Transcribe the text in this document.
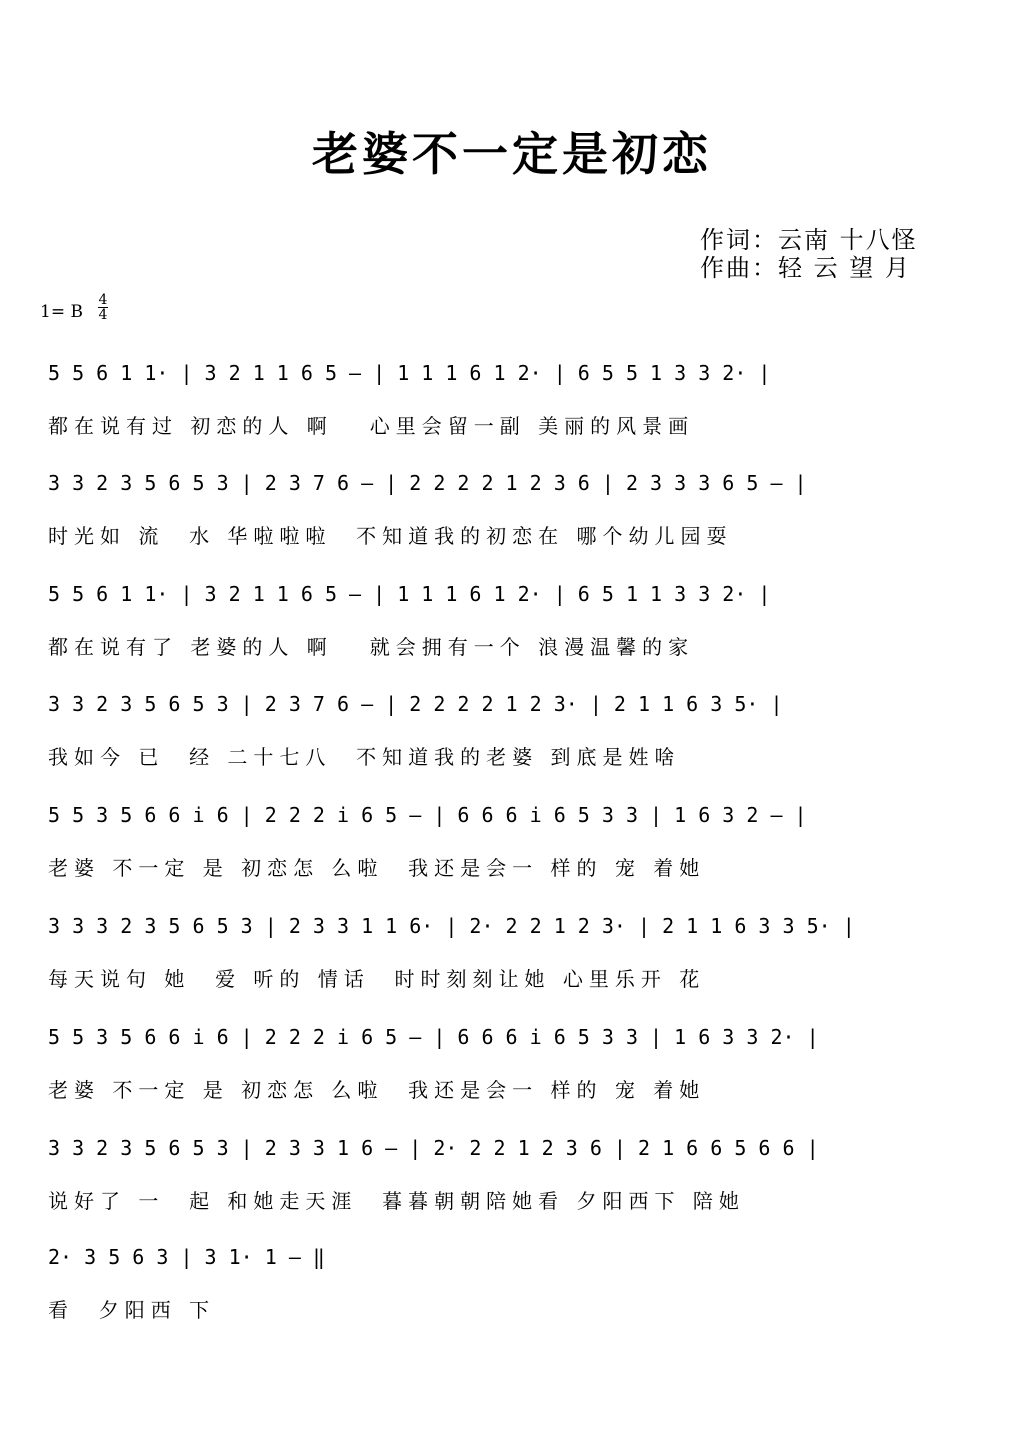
老婆不一定是初恋
作词：云南 十八怪
作曲：轻 云 望 月
1= B
4
4
5 5 6 1 1· | 3 2 1 1 6 5 – | 1 1 1 6 1 2· | 6 5 5 1 3 3 2· |
都在说有过 初恋的人 啊   心里会留一副 美丽的风景画
3 3 2 3 5 6 5 3 | 2 3 7 6 – | 2 2 2 2 1 2 3 6 | 2 3 3 3 6 5 – |
时光如 流  水 华啦啦啦  不知道我的初恋在 哪个幼儿园耍
5 5 6 1 1· | 3 2 1 1 6 5 – | 1 1 1 6 1 2· | 6 5 1 1 3 3 2· |
都在说有了 老婆的人 啊   就会拥有一个 浪漫温馨的家
3 3 2 3 5 6 5 3 | 2 3 7 6 – | 2 2 2 2 1 2 3· | 2 1 1 6 3 5· |
我如今 已  经 二十七八  不知道我的老婆 到底是姓啥
5 5 3 5 6 6 i 6 | 2 2 2 i 6 5 – | 6 6 6 i 6 5 3 3 | 1 6 3 2 – |
老婆 不一定 是 初恋怎 么啦  我还是会一 样的 宠 着她
3 3 3 2 3 5 6 5 3 | 2 3 3 1 1 6· | 2· 2 2 1 2 3· | 2 1 1 6 3 3 5· |
每天说句 她  爱 听的 情话  时时刻刻让她 心里乐开 花
5 5 3 5 6 6 i 6 | 2 2 2 i 6 5 – | 6 6 6 i 6 5 3 3 | 1 6 3 3 2· |
老婆 不一定 是 初恋怎 么啦  我还是会一 样的 宠 着她
3 3 2 3 5 6 5 3 | 2 3 3 1 6 – | 2· 2 2 1 2 3 6 | 2 1 6 6 5 6 6 |
说好了 一  起 和她走天涯  暮暮朝朝陪她看 夕阳西下 陪她
2· 3 5 6 3 | 3 1· 1 – ‖
看  夕阳西 下
